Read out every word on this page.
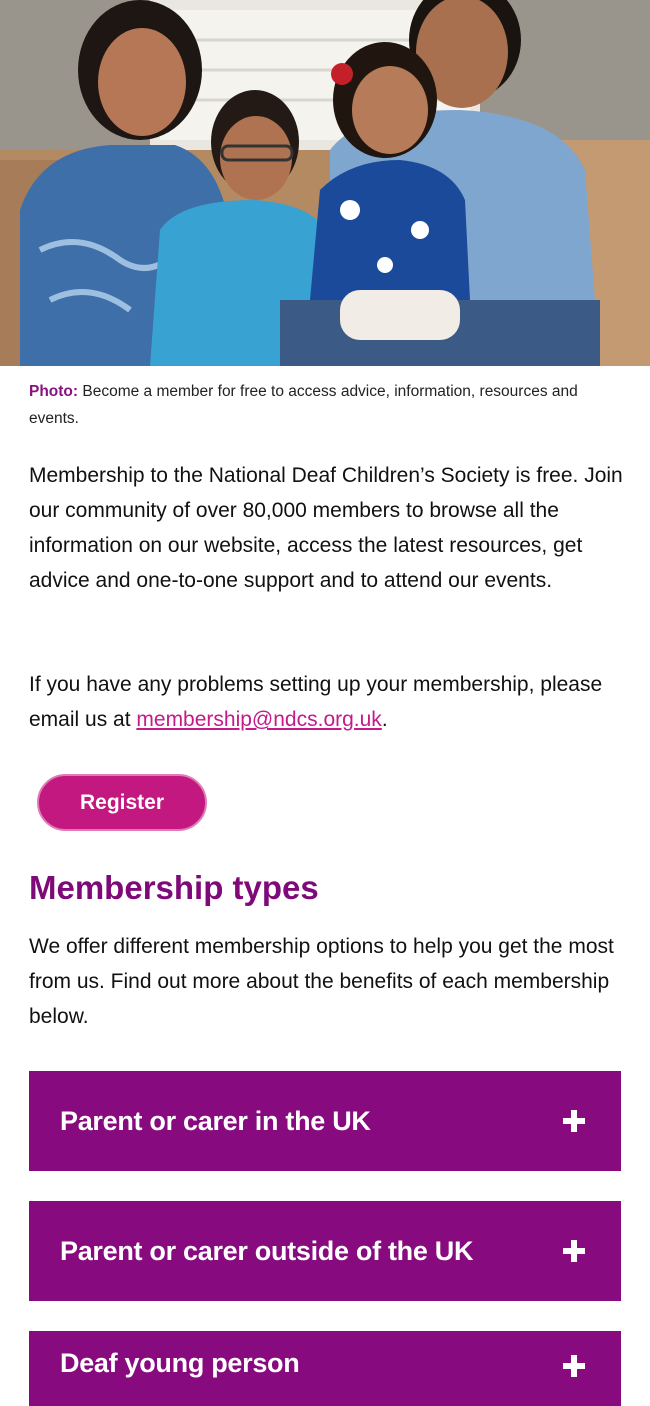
Photo: Become a member for free to access advice, information, resources and events.

Membership to the National Deaf Children’s Society is free. Join our community of over 80,000 members to browse all the information on our website, access the latest resources, get advice and one-to-one support and to attend our events.

If you have any problems setting up your membership, please email us at membership@ndcs.org.uk.

Register
Membership types

We offer different membership options to help you get the most from us. Find out more about the benefits of each membership below.

Parent or carer in the UK
Parent or carer outside of the UK
Deaf young person
